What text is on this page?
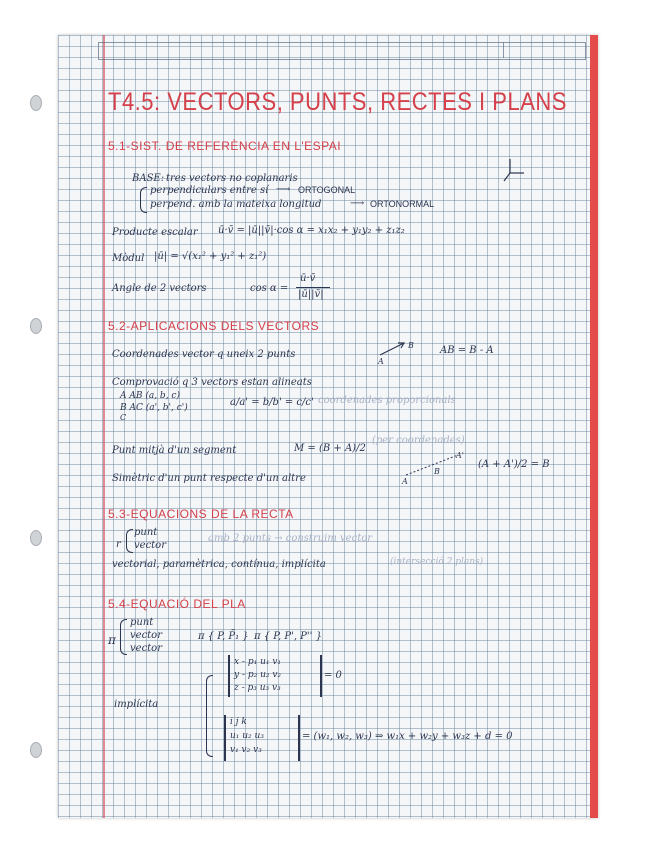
T4.5: VECTORS, PUNTS, RECTES I PLANS
5.1-SIST. DE REFERÈNCIA EN L'ESPAI
BASE: tres vectors no coplanaris
perpendiculars entre sí ⟶ ORTOGONAL
perpend. amb la mateixa longitud	⟶ ORTONORMAL
Producte escalar ū·v̄ = |ū||v̄|·cos α = x₁x₂ + y₁y₂ + z₁z₂
Mòdul |ū| = √(x₁² + y₁² + z₁²)
Angle de 2 vectors	cos α =
ū·v̄
|ū||v̄|
5.2-APLICACIONS DELS VECTORS
Coordenades vector q uneix 2 punts
A
B	AB = B - A
Comprovació q 3 vectors estan alineats
A AB (a, b, c)
B AC (a', b', c')
C
a/a' = b/b' = c/c' coordenades proporcionals
Punt mitjà d'un segment	M = (B + A)/2
(per coordenades)
Simètric d'un punt respecte d'un altre	A
B
A'
(A + A')/2 = B
5.3-EQUACIONS DE LA RECTA
r
punt
vector
amb 2 punts → construim vector
vectorial, paramètrica, contínua, implícita	(intersecció 2 plans)
5.4-EQUACIÓ DEL PLA
π
punt
vector
vector
π { P, P̄₁ } π { P, P', P'' }
implícita
x - p₁ u₁ v₁
y - p₂ u₂ v₂
z - p₃ u₃ v₃
= 0
i j k
u₁ u₂ u₃
v₁ v₂ v₃
= (w₁, w₂, w₃) ⇒ w₁x + w₂y + w₃z + d = 0
